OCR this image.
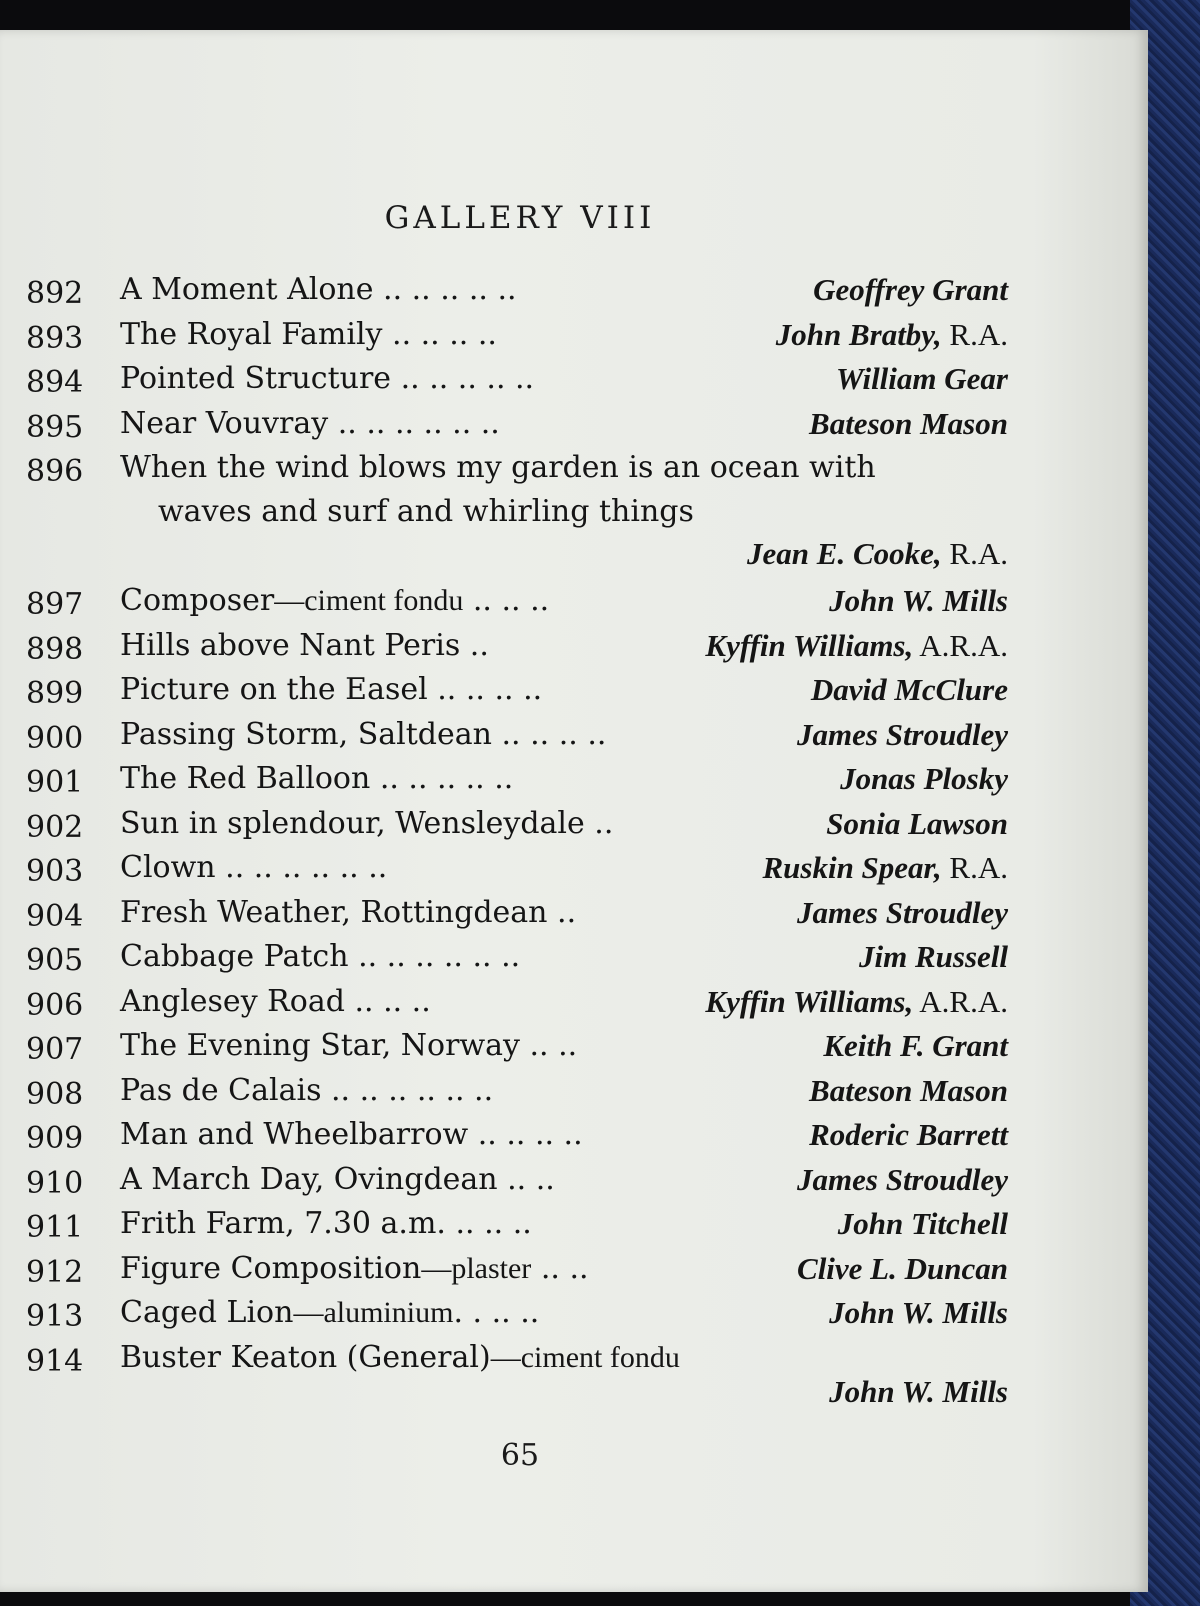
GALLERY VIII
892 A Moment Alone .. .. .. .. ..	Geoffrey Grant
893 The Royal Family .. .. .. ..	John Bratby, R.A.
894 Pointed Structure .. .. .. .. ..	William Gear
895 Near Vouvray .. .. .. .. .. ..	Bateson Mason
896 When the wind blows my garden is an ocean with
waves and surf and whirling things
Jean E. Cooke, R.A.
897 Composer—ciment fondu .. .. ..	John W. Mills
898 Hills above Nant Peris ..	Kyffin Williams, A.R.A.
899 Picture on the Easel .. .. .. ..	David McClure
900 Passing Storm, Saltdean .. .. .. ..	James Stroudley
901 The Red Balloon .. .. .. .. ..	Jonas Plosky
902 Sun in splendour, Wensleydale ..	Sonia Lawson
903 Clown .. .. .. .. .. ..	Ruskin Spear, R.A.
904 Fresh Weather, Rottingdean ..	James Stroudley
905 Cabbage Patch .. .. .. .. .. ..	Jim Russell
906 Anglesey Road .. .. ..	Kyffin Williams, A.R.A.
907 The Evening Star, Norway .. ..	Keith F. Grant
908 Pas de Calais .. .. .. .. .. ..	Bateson Mason
909 Man and Wheelbarrow .. .. .. ..	Roderic Barrett
910 A March Day, Ovingdean .. ..	James Stroudley
911 Frith Farm, 7.30 a.m. .. .. ..	John Titchell
912 Figure Composition—plaster .. ..	Clive L. Duncan
913 Caged Lion—aluminium. . .. ..	John W. Mills
914 Buster Keaton (General)—ciment fondu
John W. Mills
65
